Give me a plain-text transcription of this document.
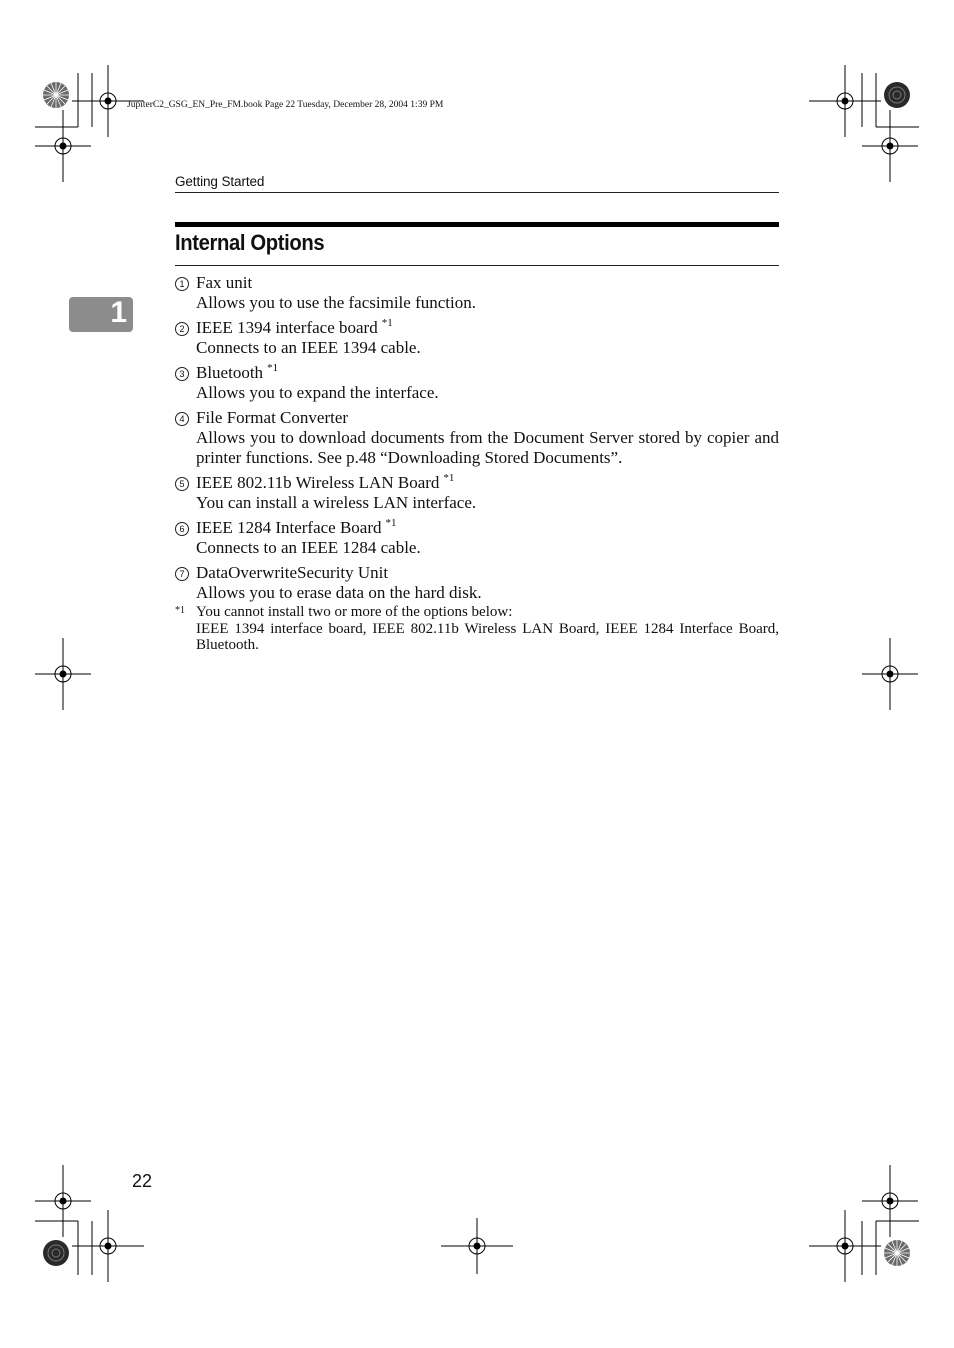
JupiterC2_GSG_EN_Pre_FM.book Page 22 Tuesday, December 28, 2004 1:39 PM
Getting Started
1
Internal Options
1 Fax unit
Allows you to use the facsimile function.
2 IEEE 1394 interface board $^{*1}$
Connects to an IEEE 1394 cable.
3 Bluetooth $^{*1}$
Allows you to expand the interface.
4 File Format Converter
Allows you to download documents from the Document Server stored by copier and printer functions. See p.48 “Downloading Stored Documents”.
5 IEEE 802.11b Wireless LAN Board $^{*1}$
You can install a wireless LAN interface.
6 IEEE 1284 Interface Board $^{*1}$
Connects to an IEEE 1284 cable.
7 DataOverwriteSecurity Unit
Allows you to erase data on the hard disk.
*1 You cannot install two or more of the options below:
IEEE 1394 interface board, IEEE 802.11b Wireless LAN Board, IEEE 1284 Interface Board, Bluetooth.
22
